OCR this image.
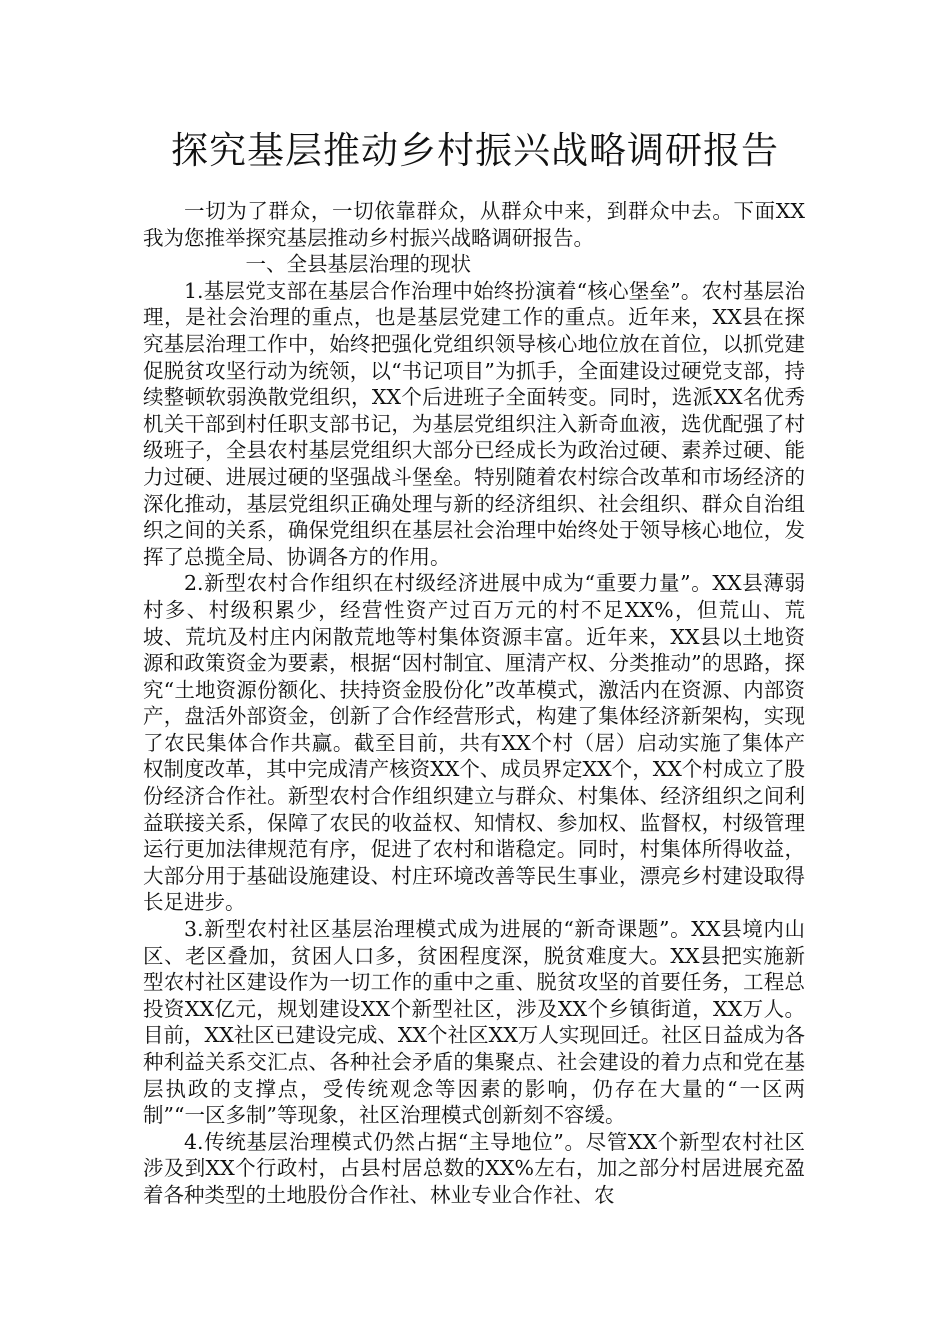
探究基层推动乡村振兴战略调研报告

一切为了群众，一切依靠群众，从群众中来，到群众中去。下面XX我为您推举探究基层推动乡村振兴战略调研报告。

一、全县基层治理的现状

1.基层党支部在基层合作治理中始终扮演着“核心堡垒”。农村基层治理，是社会治理的重点，也是基层党建工作的重点。近年来，XX县在探究基层治理工作中，始终把强化党组织领导核心地位放在首位，以抓党建促脱贫攻坚行动为统领，以“书记项目”为抓手，全面建设过硬党支部，持续整顿软弱涣散党组织，XX个后进班子全面转变。同时，选派XX名优秀机关干部到村任职支部书记，为基层党组织注入新奇血液，选优配强了村级班子，全县农村基层党组织大部分已经成长为政治过硬、素养过硬、能力过硬、进展过硬的坚强战斗堡垒。特别随着农村综合改革和市场经济的深化推动，基层党组织正确处理与新的经济组织、社会组织、群众自治组织之间的关系，确保党组织在基层社会治理中始终处于领导核心地位，发挥了总揽全局、协调各方的作用。

2.新型农村合作组织在村级经济进展中成为“重要力量”。XX县薄弱村多、村级积累少，经营性资产过百万元的村不足XX%，但荒山、荒坡、荒坑及村庄内闲散荒地等村集体资源丰富。近年来，XX县以土地资源和政策资金为要素，根据“因村制宜、厘清产权、分类推动”的思路，探究“土地资源份额化、扶持资金股份化”改革模式，激活内在资源、内部资产，盘活外部资金，创新了合作经营形式，构建了集体经济新架构，实现了农民集体合作共赢。截至目前，共有XX个村（居）启动实施了集体产权制度改革，其中完成清产核资XX个、成员界定XX个，XX个村成立了股份经济合作社。新型农村合作组织建立与群众、村集体、经济组织之间利益联接关系，保障了农民的收益权、知情权、参加权、监督权，村级管理运行更加法律规范有序，促进了农村和谐稳定。同时，村集体所得收益，大部分用于基础设施建设、村庄环境改善等民生事业，漂亮乡村建设取得长足进步。

3.新型农村社区基层治理模式成为进展的“新奇课题”。XX县境内山区、老区叠加，贫困人口多，贫困程度深，脱贫难度大。XX县把实施新型农村社区建设作为一切工作的重中之重、脱贫攻坚的首要任务，工程总投资XX亿元，规划建设XX个新型社区，涉及XX个乡镇街道，XX万人。目前，XX社区已建设完成、XX个社区XX万人实现回迁。社区日益成为各种利益关系交汇点、各种社会矛盾的集聚点、社会建设的着力点和党在基层执政的支撑点，受传统观念等因素的影响，仍存在大量的“一区两制”“一区多制”等现象，社区治理模式创新刻不容缓。

4.传统基层治理模式仍然占据“主导地位”。尽管XX个新型农村社区涉及到XX个行政村，占县村居总数的XX%左右，加之部分村居进展充盈着各种类型的土地股份合作社、林业专业合作社、农
